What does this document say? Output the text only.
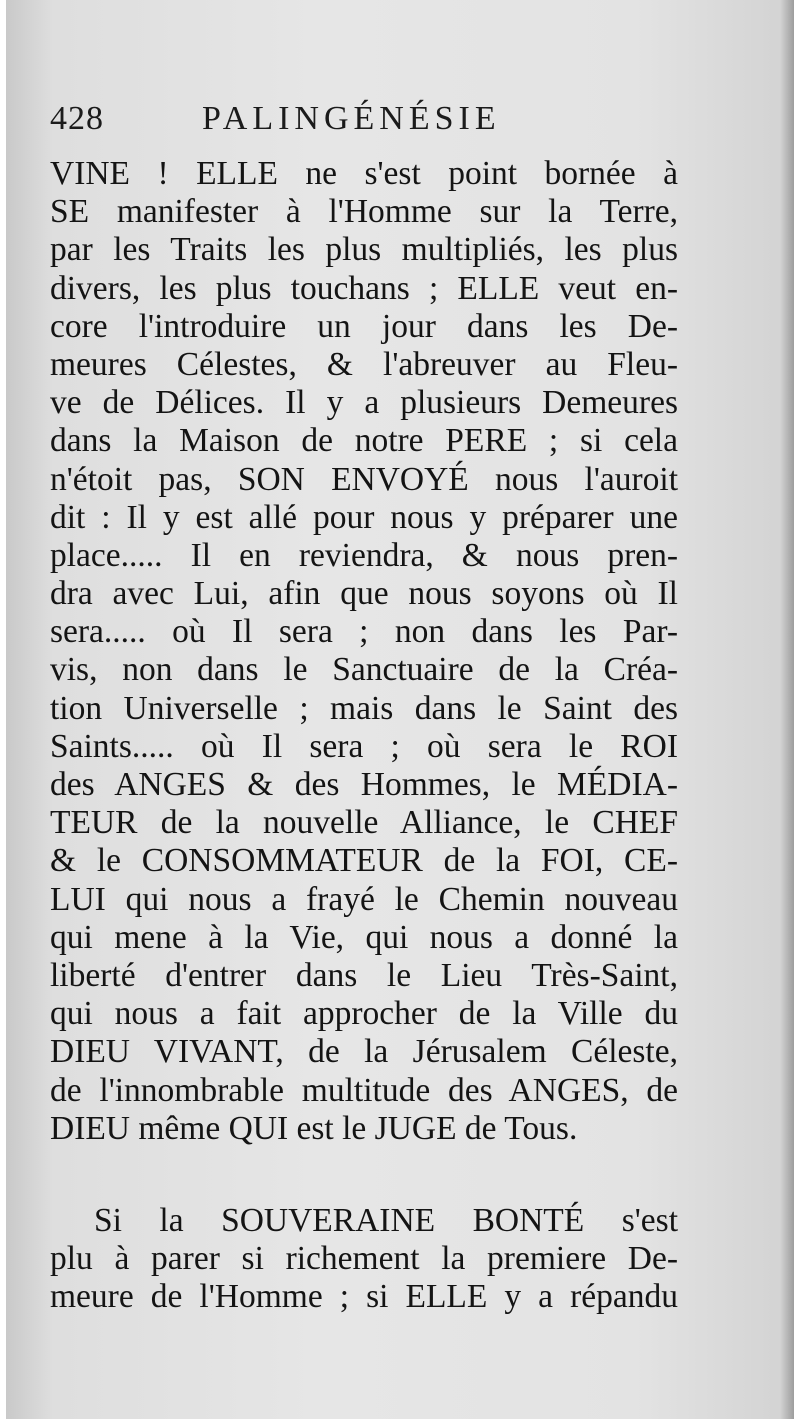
428	PALINGÉNÉSIE
VINE ! ELLE ne s'est point bornée à
SE manifester à l'Homme sur la Terre,
par les Traits les plus multipliés, les plus
divers, les plus touchans ; ELLE veut en-
core l'introduire un jour dans les De-
meures Célestes, & l'abreuver au Fleu-
ve de Délices. Il y a plusieurs Demeures
dans la Maison de notre PERE ; si cela
n'étoit pas, SON ENVOYÉ nous l'auroit
dit : Il y est allé pour nous y préparer une
place..... Il en reviendra, & nous pren-
dra avec Lui, afin que nous soyons où Il
sera..... où Il sera ; non dans les Par-
vis, non dans le Sanctuaire de la Créa-
tion Universelle ; mais dans le Saint des
Saints..... où Il sera ; où sera le ROI
des ANGES & des Hommes, le MÉDIA-
TEUR de la nouvelle Alliance, le CHEF
& le CONSOMMATEUR de la FOI, CE-
LUI qui nous a frayé le Chemin nouveau
qui mene à la Vie, qui nous a donné la
liberté d'entrer dans le Lieu Très-Saint,
qui nous a fait approcher de la Ville du
DIEU VIVANT, de la Jérusalem Céleste,
de l'innombrable multitude des ANGES, de
DIEU même QUI est le JUGE de Tous.
Si la SOUVERAINE BONTÉ s'est
plu à parer si richement la premiere De-
meure de l'Homme ; si ELLE y a répandu
